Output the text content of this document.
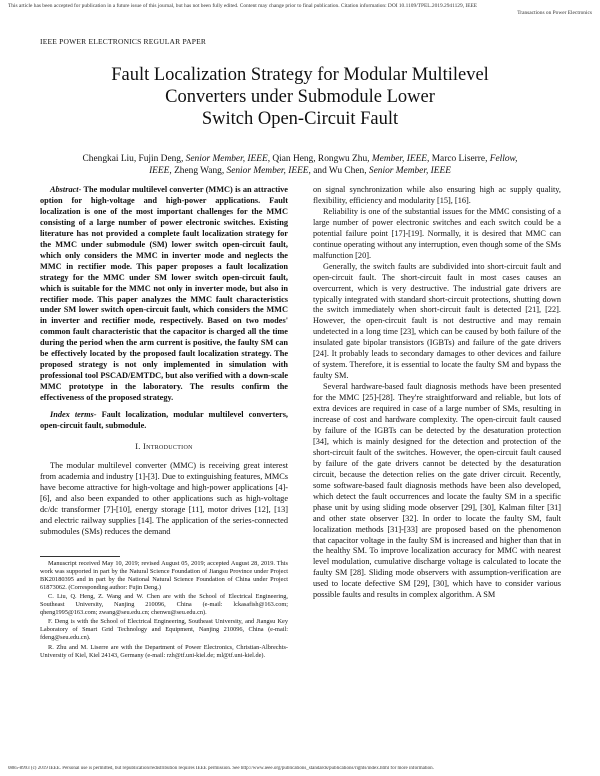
This article has been accepted for publication in a future issue of this journal, but has not been fully edited. Content may change prior to final publication. Citation information: DOI 10.1109/TPEL.2019.2941129, IEEE
Transactions on Power Electronics
IEEE POWER ELECTRONICS REGULAR PAPER
Fault Localization Strategy for Modular Multilevel
Converters under Submodule Lower
Switch Open-Circuit Fault
Chengkai Liu, Fujin Deng, Senior Member, IEEE, Qian Heng, Rongwu Zhu, Member, IEEE, Marco Liserre, Fellow,
IEEE, Zheng Wang, Senior Member, IEEE, and Wu Chen, Senior Member, IEEE

Abstract- The modular multilevel converter (MMC) is an attractive option for high-voltage and high-power applications. Fault localization is one of the most important challenges for the MMC consisting of a large number of power electronic switches. Existing literature has not provided a complete fault localization strategy for the MMC under submodule (SM) lower switch open-circuit fault, which only considers the MMC in inverter mode and neglects the MMC in rectifier mode. This paper proposes a fault localization strategy for the MMC under SM lower switch open-circuit fault, which is suitable for the MMC not only in inverter mode, but also in rectifier mode. This paper analyzes the MMC fault characteristics under SM lower switch open-circuit fault, which considers the MMC in inverter and rectifier mode, respectively. Based on two modes' common fault characteristic that the capacitor is charged all the time during the period when the arm current is positive, the faulty SM can be effectively located by the proposed fault localization strategy. The proposed strategy is not only implemented in simulation with professional tool PSCAD/EMTDC, but also verified with a down-scale MMC prototype in the laboratory. The results confirm the effectiveness of the proposed strategy.

Index terms- Fault localization, modular multilevel converters, open-circuit fault, submodule.

I. Introduction

The modular multilevel converter (MMC) is receiving great interest from academia and industry [1]-[3]. Due to extinguishing features, MMCs have become attractive for high-voltage and high-power applications [4]-[6], and also been expanded to other applications such as high-voltage dc/dc transformer [7]-[10], energy storage [11], motor drives [12], [13] and electric railway supplies [14]. The application of the series-connected submodules (SMs) reduces the demand

Manuscript received May 10, 2019; revised August 05, 2019; accepted August 28, 2019. This work was supported in part by the Natural Science Foundation of Jiangsu Province under Project BK20180395 and in part by the National Natural Science Foundation of China under Project 61873062. (Corresponding author: Fujin Deng.)

C. Liu, Q. Heng, Z. Wang and W. Chen are with the School of Electrical Engineering, Southeast University, Nanjing 210096, China (e-mail: lckasafish@163.com; qheng1995@163.com; zwang@seu.edu.cn; chenwu@seu.edu.cn).

F. Deng is with the School of Electrical Engineering, Southeast University, and Jiangsu Key Laboratory of Smart Grid Technology and Equipment, Nanjing 210096, China (e-mail: fdeng@seu.edu.cn).

R. Zhu and M. Liserre are with the Department of Power Electronics, Christian-Albrechts-University of Kiel, Kiel 24143, Germany (e-mail: rzh@tf.uni-kiel.de; ml@tf.uni-kiel.de).

on signal synchronization while also ensuring high ac supply quality, flexibility, efficiency and modularity [15], [16].

Reliability is one of the substantial issues for the MMC consisting of a large number of power electronic switches and each switch could be a potential failure point [17]-[19]. Normally, it is desired that MMC can continue operating without any interruption, even though some of the SMs malfunction [20].

Generally, the switch faults are subdivided into short-circuit fault and open-circuit fault. The short-circuit fault in most cases causes an overcurrent, which is very destructive. The industrial gate drivers are typically integrated with standard short-circuit protections, shutting down the switch immediately when short-circuit fault is detected [21], [22]. However, the open-circuit fault is not destructive and may remain undetected in a long time [23], which can be caused by both failure of the insulated gate bipolar transistors (IGBTs) and failure of the gate drivers [24]. It probably leads to secondary damages to other devices and failure of system. Therefore, it is essential to locate the faulty SM and bypass the faulty SM.

Several hardware-based fault diagnosis methods have been presented for the MMC [25]-[28]. They're straightforward and reliable, but lots of extra devices are required in case of a large number of SMs, resulting in increase of cost and hardware complexity. The open-circuit fault caused by failure of the IGBTs can be detected by the desaturation protection [34], which is mainly designed for the detection and protection of the short-circuit fault of the switches. However, the open-circuit fault caused by failure of the gate drivers cannot be detected by the desaturation circuit, because the detection relies on the gate driver circuit. Recently, some software-based fault diagnosis methods have been also developed, which detect the fault occurrences and locate the faulty SM in a specific phase unit by using sliding mode observer [29], [30], Kalman filter [31] and other state observer [32]. In order to locate the faulty SM, fault localization methods [31]-[33] are proposed based on the phenomenon that capacitor voltage in the faulty SM is increased and higher than that in the healthy SM. To improve localization accuracy for MMC with nearest level modulation, cumulative discharge voltage is calculated to locate the faulty SM [28]. Sliding mode observers with assumption-verification are used to locate defective SM [29], [30], which have to consider various possible faults and results in complex algorithm. A SM

0885-8993 (c) 2019 IEEE. Personal use is permitted, but republication/redistribution requires IEEE permission. See http://www.ieee.org/publications_standards/publications/rights/index.html for more information.
